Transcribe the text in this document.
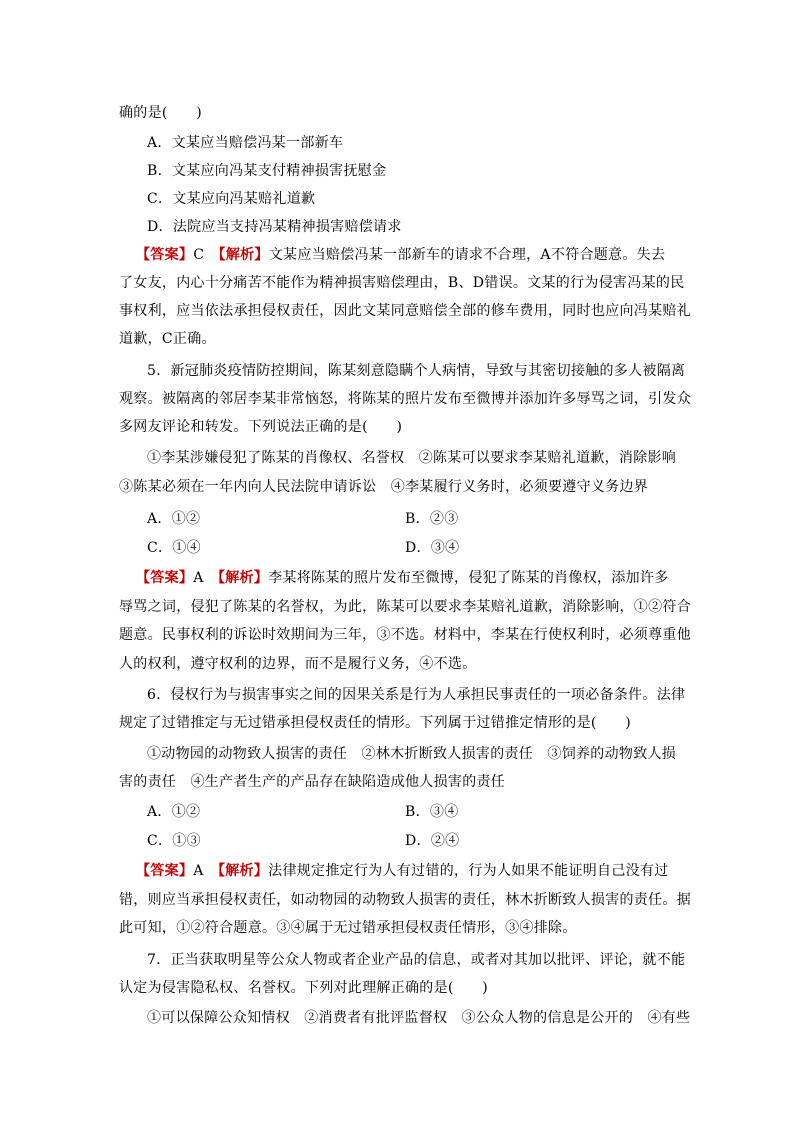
确的是(　　)
A．文某应当赔偿冯某一部新车
B．文某应向冯某支付精神损害抚慰金
C．文某应向冯某赔礼道歉
D．法院应当支持冯某精神损害赔偿请求
【答案】C　 【解析】文某应当赔偿冯某一部新车的请求不合理，A不符合题意。失去
了女友，内心十分痛苦不能作为精神损害赔偿理由，B、D错误。文某的行为侵害冯某的民
事权利，应当依法承担侵权责任，因此文某同意赔偿全部的修车费用，同时也应向冯某赔礼
道歉，C正确。
5．新冠肺炎疫情防控期间，陈某刻意隐瞒个人病情，导致与其密切接触的多人被隔离
观察。被隔离的邻居李某非常恼怒，将陈某的照片发布至微博并添加许多辱骂之词，引发众
多网友评论和转发。下列说法正确的是(　　)
①李某涉嫌侵犯了陈某的肖像权、名誉权　②陈某可以要求李某赔礼道歉，消除影响
③陈某必须在一年内向人民法院申请诉讼　④李某履行义务时，必须要遵守义务边界
A．①②	B．②③
C．①④	D．③④
【答案】A　 【解析】李某将陈某的照片发布至微博，侵犯了陈某的肖像权，添加许多
辱骂之词，侵犯了陈某的名誉权，为此，陈某可以要求李某赔礼道歉，消除影响，①②符合
题意。民事权利的诉讼时效期间为三年，③不选。材料中，李某在行使权利时，必须尊重他
人的权利，遵守权利的边界，而不是履行义务，④不选。
6．侵权行为与损害事实之间的因果关系是行为人承担民事责任的一项必备条件。法律
规定了过错推定与无过错承担侵权责任的情形。下列属于过错推定情形的是(　　)
①动物园的动物致人损害的责任　②林木折断致人损害的责任　③饲养的动物致人损
害的责任　④生产者生产的产品存在缺陷造成他人损害的责任
A．①②	B．③④
C．①③	D．②④
【答案】A　 【解析】法律规定推定行为人有过错的，行为人如果不能证明自己没有过
错，则应当承担侵权责任，如动物园的动物致人损害的责任，林木折断致人损害的责任。据
此可知，①②符合题意。③④属于无过错承担侵权责任情形，③④排除。
7．正当获取明星等公众人物或者企业产品的信息，或者对其加以批评、评论，就不能
认定为侵害隐私权、名誉权。下列对此理解正确的是(　　)
①可以保障公众知情权　②消费者有批评监督权　③公众人物的信息是公开的　④有些
